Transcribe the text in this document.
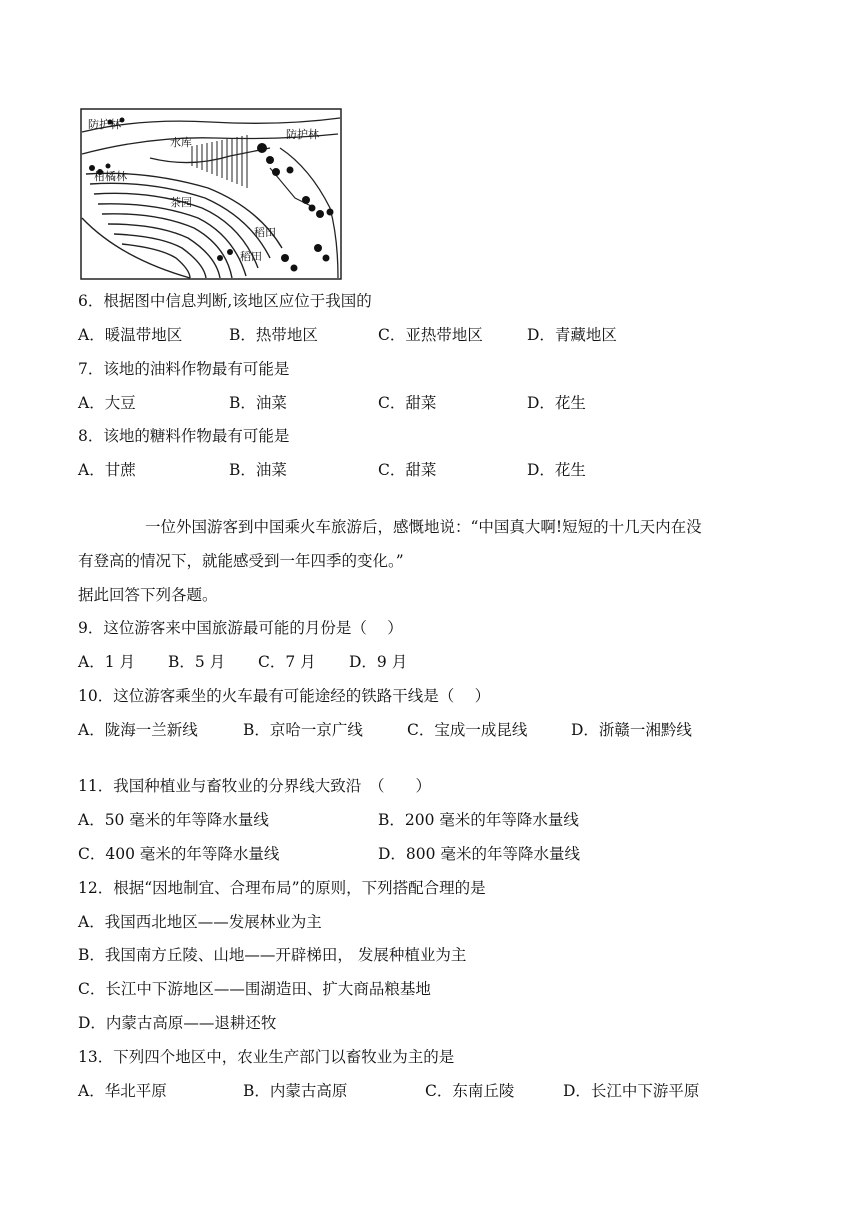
防护林
水库
防护林
柑橘林
茶园
稻田
稻田
6．根据图中信息判断,该地区应位于我国的
A．暖温带地区	B．热带地区	C．亚热带地区	D．青藏地区
7．该地的油料作物最有可能是
A．大豆	B．油菜	C．甜菜	D．花生
8．该地的糖料作物最有可能是
A．甘蔗	B．油菜	C．甜菜	D．花生
一位外国游客到中国乘火车旅游后，感慨地说：“中国真大啊!短短的十几天内在没
有登高的情况下，就能感受到一年四季的变化。”
据此回答下列各题。
9．这位游客来中国旅游最可能的月份是（　 ）
A．1 月 B．5 月 C．7 月 D．9 月
10．这位游客乘坐的火车最有可能途经的铁路干线是（　 ）
A．陇海一兰新线	B．京哈一京广线	C．宝成一成昆线	D．浙赣一湘黔线
11．我国种植业与畜牧业的分界线大致沿　（　　）
A．50 毫米的年等降水量线	B．200 毫米的年等降水量线
C．400 毫米的年等降水量线	D．800 毫米的年等降水量线
12．根据“因地制宜、合理布局”的原则，下列搭配合理的是
A．我国西北地区——发展林业为主
B．我国南方丘陵、山地——开辟梯田， 发展种植业为主
C．长江中下游地区——围湖造田、扩大商品粮基地
D．内蒙古高原——退耕还牧
13．下列四个地区中，农业生产部门以畜牧业为主的是
A．华北平原	B．内蒙古高原	C．东南丘陵	D．长江中下游平原
